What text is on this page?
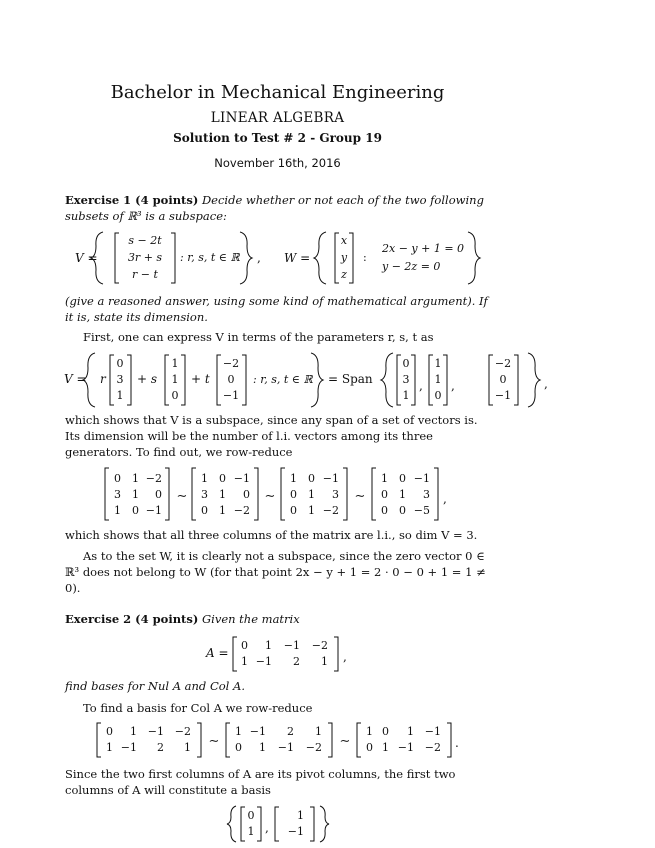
Bachelor in Mechanical Engineering
LINEAR ALGEBRA
Solution to Test # 2 - Group 19
November 16th, 2016
Exercise 1 (4 points) Decide whether or not each of the two following subsets of ℝ³ is a subspace:
V =
s − 2t
3r + s
r − t
: r, s, t ∈ ℝ , W =
x
y
z
:
2x − y + 1 = 0
y − 2z = 0
(give a reasoned answer, using some kind of mathematical argument). If it is, state its dimension.
First, one can express V in terms of the parameters r, s, t as
V = r
0
3
1
+ s
1
1
0
+ t
−2
0
−1
: r, s, t ∈ ℝ = Span
0
3
1
,
1
1
0
,
−2
0
−1
,
which shows that V is a subspace, since any span of a set of vectors is. Its dimension will be the number of l.i. vectors among its three generators. To find out, we row-reduce
0 1 −2
3 1 0
1 0 −1
∼
1 0 −1
3 1 0
0 1 −2
∼
1 0 −1
0 1 3
0 1 −2
∼
1 0 −1
0 1 3
0 0 −5
,
which shows that all three columns of the matrix are l.i., so dim V = 3.
As to the set W, it is clearly not a subspace, since the zero vector 0 ∈ ℝ³ does not belong to W (for that point 2x − y + 1 = 2 · 0 − 0 + 1 = 1 ≠ 0).
Exercise 2 (4 points) Given the matrix
A =
0 1 −1 −2
1 −1 2 1 ,
find bases for Nul A and Col A.
To find a basis for Col A we row-reduce
0 1 −1 −2
1 −1 2 1 ∼
1 −1 2 1
0 1 −1 −2 ∼
1 0 1 −1
0 1 −1 −2 .
Since the two first columns of A are its pivot columns, the first two columns of A will constitute a basis
0
1 ,
1
−1
